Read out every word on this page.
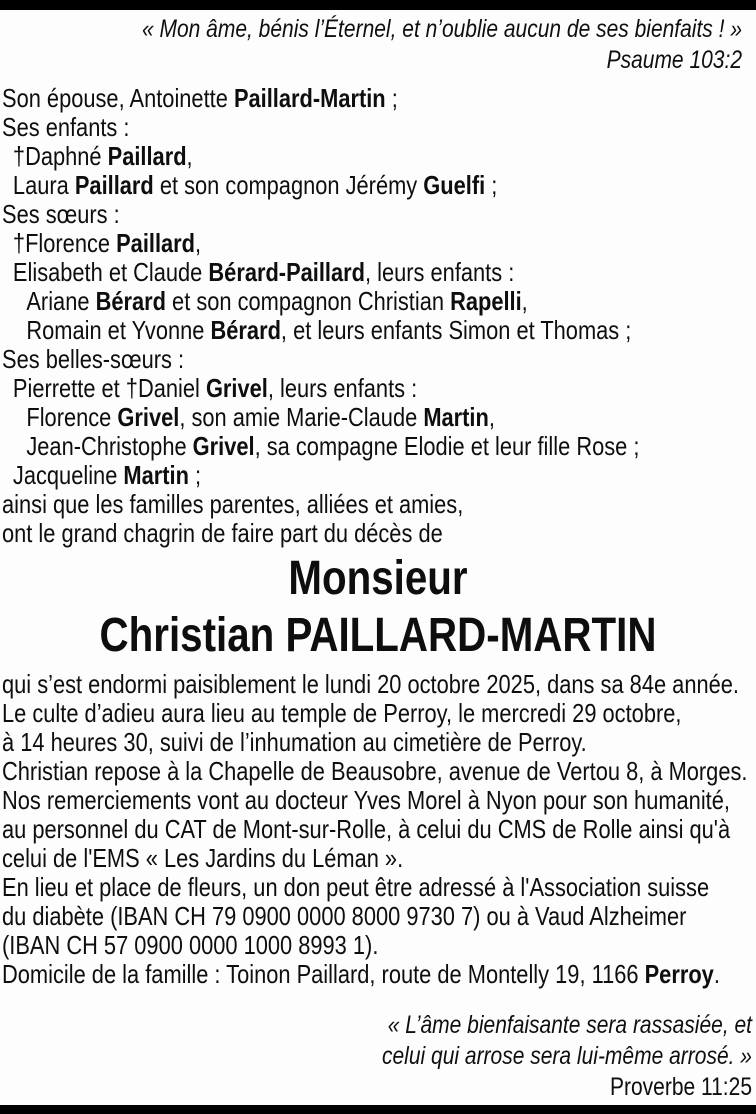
« Mon âme, bénis l’Éternel, et n’oublie aucun de ses bienfaits ! »
Psaume 103:2
Son épouse, Antoinette Paillard-Martin ;
Ses enfants :
†Daphné Paillard,
Laura Paillard et son compagnon Jérémy Guelfi ;
Ses sœurs :
†Florence Paillard,
Elisabeth et Claude Bérard-Paillard, leurs enfants :
Ariane Bérard et son compagnon Christian Rapelli,
Romain et Yvonne Bérard, et leurs enfants Simon et Thomas ;
Ses belles-sœurs :
Pierrette et †Daniel Grivel, leurs enfants :
Florence Grivel, son amie Marie-Claude Martin,
Jean-Christophe Grivel, sa compagne Elodie et leur fille Rose ;
Jacqueline Martin ;
ainsi que les familles parentes, alliées et amies,
ont le grand chagrin de faire part du décès de
Monsieur
Christian PAILLARD-MARTIN
qui s’est endormi paisiblement le lundi 20 octobre 2025, dans sa 84e année.
Le culte d’adieu aura lieu au temple de Perroy, le mercredi 29 octobre,
à 14 heures 30, suivi de l’inhumation au cimetière de Perroy.
Christian repose à la Chapelle de Beausobre, avenue de Vertou 8, à Morges.
Nos remerciements vont au docteur Yves Morel à Nyon pour son humanité,
au personnel du CAT de Mont-sur-Rolle, à celui du CMS de Rolle ainsi qu'à
celui de l'EMS « Les Jardins du Léman ».
En lieu et place de fleurs, un don peut être adressé à l'Association suisse
du diabète (IBAN CH 79 0900 0000 8000 9730 7) ou à Vaud Alzheimer
(IBAN CH 57 0900 0000 1000 8993 1).
Domicile de la famille : Toinon Paillard, route de Montelly 19, 1166 Perroy.
« L’âme bienfaisante sera rassasiée, et
celui qui arrose sera lui-même arrosé. »
Proverbe 11:25
